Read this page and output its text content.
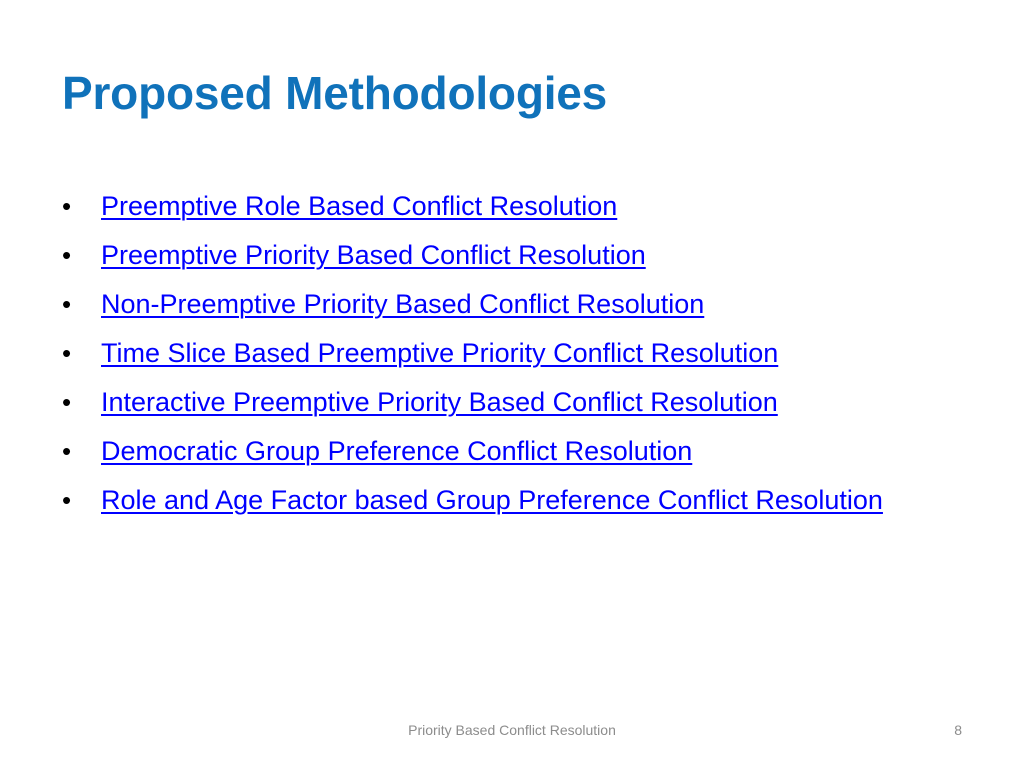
Proposed Methodologies
•	Preemptive Role Based Conflict Resolution
•	Preemptive Priority Based Conflict Resolution
•	Non-Preemptive Priority Based Conflict Resolution
•	Time Slice Based Preemptive Priority Conflict Resolution
•	Interactive Preemptive Priority Based Conflict Resolution
•	Democratic Group Preference Conflict Resolution
•	Role and Age Factor based Group Preference Conflict Resolution
Priority Based Conflict Resolution	8
